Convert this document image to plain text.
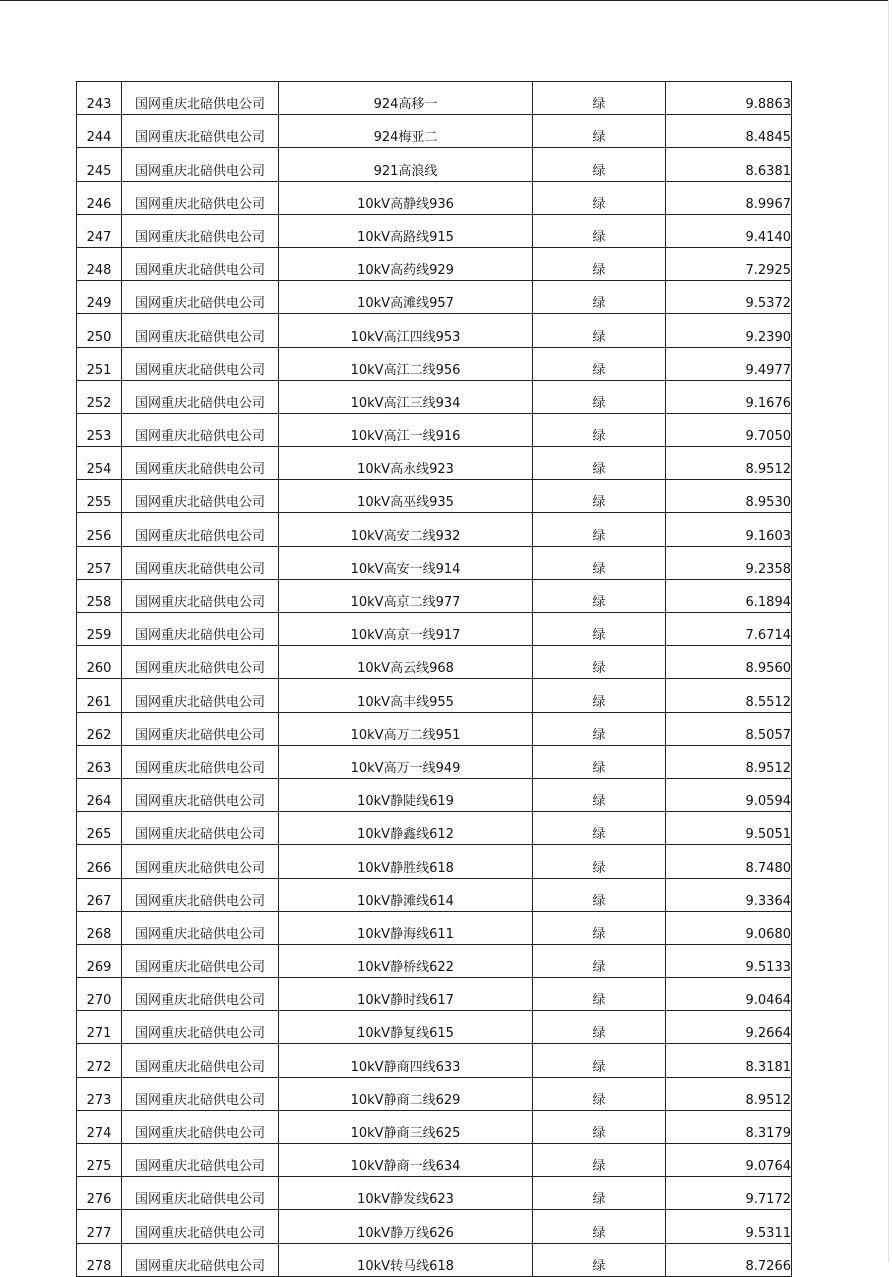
243	国网重庆北碚供电公司	924高移一	绿	9.8863
244	国网重庆北碚供电公司	924梅亚二	绿	8.4845
245	国网重庆北碚供电公司	921高浪线	绿	8.6381
246	国网重庆北碚供电公司	10kV高静线936	绿	8.9967
247	国网重庆北碚供电公司	10kV高路线915	绿	9.4140
248	国网重庆北碚供电公司	10kV高药线929	绿	7.2925
249	国网重庆北碚供电公司	10kV高滩线957	绿	9.5372
250	国网重庆北碚供电公司	10kV高江四线953	绿	9.2390
251	国网重庆北碚供电公司	10kV高江二线956	绿	9.4977
252	国网重庆北碚供电公司	10kV高江三线934	绿	9.1676
253	国网重庆北碚供电公司	10kV高江一线916	绿	9.7050
254	国网重庆北碚供电公司	10kV高永线923	绿	8.9512
255	国网重庆北碚供电公司	10kV高巫线935	绿	8.9530
256	国网重庆北碚供电公司	10kV高安二线932	绿	9.1603
257	国网重庆北碚供电公司	10kV高安一线914	绿	9.2358
258	国网重庆北碚供电公司	10kV高京二线977	绿	6.1894
259	国网重庆北碚供电公司	10kV高京一线917	绿	7.6714
260	国网重庆北碚供电公司	10kV高云线968	绿	8.9560
261	国网重庆北碚供电公司	10kV高丰线955	绿	8.5512
262	国网重庆北碚供电公司	10kV高万二线951	绿	8.5057
263	国网重庆北碚供电公司	10kV高万一线949	绿	8.9512
264	国网重庆北碚供电公司	10kV静陡线619	绿	9.0594
265	国网重庆北碚供电公司	10kV静鑫线612	绿	9.5051
266	国网重庆北碚供电公司	10kV静胜线618	绿	8.7480
267	国网重庆北碚供电公司	10kV静滩线614	绿	9.3364
268	国网重庆北碚供电公司	10kV静海线611	绿	9.0680
269	国网重庆北碚供电公司	10kV静桥线622	绿	9.5133
270	国网重庆北碚供电公司	10kV静时线617	绿	9.0464
271	国网重庆北碚供电公司	10kV静复线615	绿	9.2664
272	国网重庆北碚供电公司	10kV静商四线633	绿	8.3181
273	国网重庆北碚供电公司	10kV静商二线629	绿	8.9512
274	国网重庆北碚供电公司	10kV静商三线625	绿	8.3179
275	国网重庆北碚供电公司	10kV静商一线634	绿	9.0764
276	国网重庆北碚供电公司	10kV静发线623	绿	9.7172
277	国网重庆北碚供电公司	10kV静万线626	绿	9.5311
278	国网重庆北碚供电公司	10kV转马线618	绿	8.7266
